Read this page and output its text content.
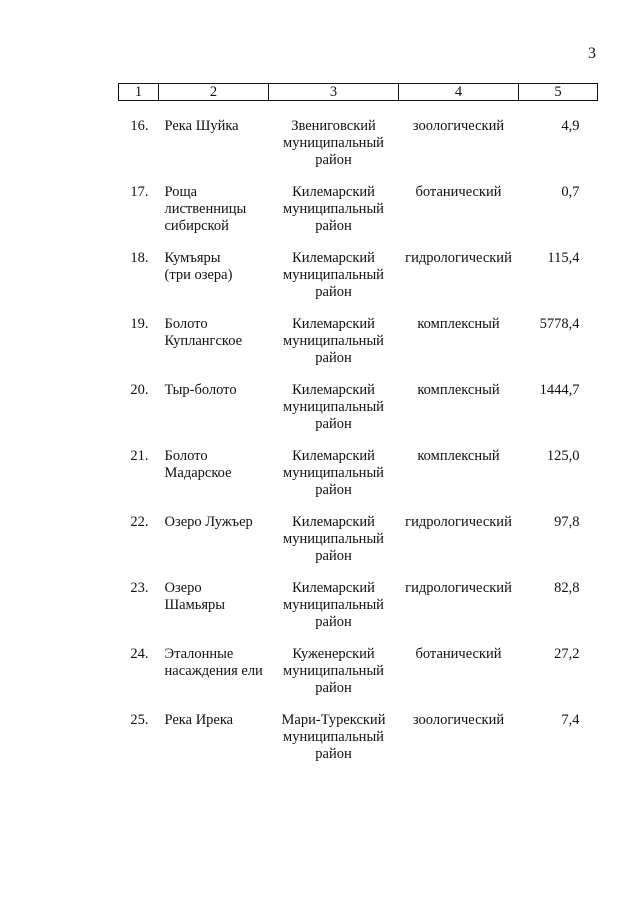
3
1	2	3	4	5

16.	Река Шуйка	Звениговский
муниципальный
район	зоологический	4,9
17.	Роща
лиственницы
сибирской	Килемарский
муниципальный
район	ботанический	0,7
18.	Кумъяры
(три озера)	Килемарский
муниципальный
район	гидрологический	115,4
19.	Болото
Куплангское	Килемарский
муниципальный
район	комплексный	5778,4
20.	Тыр-болото	Килемарский
муниципальный
район	комплексный	1444,7
21.	Болото
Мадарское	Килемарский
муниципальный
район	комплексный	125,0
22.	Озеро Лужъер	Килемарский
муниципальный
район	гидрологический	97,8
23.	Озеро
Шамьяры	Килемарский
муниципальный
район	гидрологический	82,8
24.	Эталонные
насаждения ели	Куженерский
муниципальный
район	ботанический	27,2
25.	Река Ирека	Мари-Турекский
муниципальный
район	зоологический	7,4
